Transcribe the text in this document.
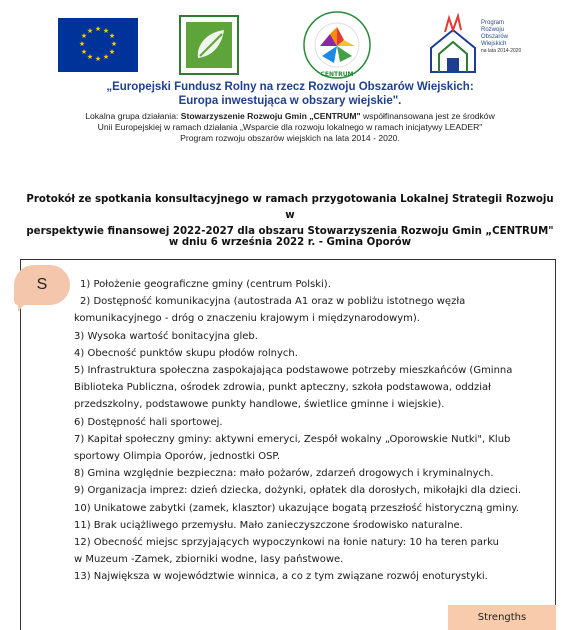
★ ★
★
★
★
★
★
★
★
★
★
★
CENTRUM
Program
Rozwoju
Obszarów
Wiejskich
na lata 2014-2020
„Europejski Fundusz Rolny na rzecz Rozwoju Obszarów Wiejskich:
Europa inwestująca w obszary wiejskie".
Lokalna grupa działania: Stowarzyszenie Rozwoju Gmin „CENTRUM" współfinansowana jest ze środków
Unii Europejskiej w ramach działania „Wsparcie dla rozwoju lokalnego w ramach inicjatywy LEADER"
Program rozwoju obszarów wiejskich na lata 2014 - 2020.
Protokół ze spotkania konsultacyjnego w ramach przygotowania Lokalnej Strategii Rozwoju w
perspektywie finansowej 2022-2027 dla obszaru Stowarzyszenia Rozwoju Gmin „CENTRUM"
w dniu 6 września 2022 r. - Gmina Oporów
S	1) Położenie geograficzne gminy (centrum Polski).
2) Dostępność komunikacyjna (autostrada A1 oraz w pobliżu istotnego węzła
komunikacyjnego - dróg o znaczeniu krajowym i międzynarodowym).
3) Wysoka wartość bonitacyjna gleb.
4) Obecność punktów skupu płodów rolnych.
5) Infrastruktura społeczna zaspokajająca podstawowe potrzeby mieszkańców (Gminna
Biblioteka Publiczna, ośrodek zdrowia, punkt apteczny, szkoła podstawowa, oddział
przedszkolny, podstawowe punkty handlowe, świetlice gminne i wiejskie).
6) Dostępność hali sportowej.
7) Kapitał społeczny gminy: aktywni emeryci, Zespół wokalny „Oporowskie Nutki", Klub
sportowy Olimpia Oporów, jednostki OSP.
8) Gmina względnie bezpieczna: mało pożarów, zdarzeń drogowych i kryminalnych.
9) Organizacja imprez: dzień dziecka, dożynki, opłatek dla dorosłych, mikołajki dla dzieci.
10) Unikatowe zabytki (zamek, klasztor) ukazujące bogatą przeszłość historyczną gminy.
11) Brak uciążliwego przemysłu. Mało zanieczyszczone środowisko naturalne.
12) Obecność miejsc sprzyjających wypoczynkowi na łonie natury: 10 ha teren parku
w Muzeum -Zamek, zbiorniki wodne, lasy państwowe.
13) Największa w województwie winnica, a co z tym związane rozwój enoturystyki.
Strengths
